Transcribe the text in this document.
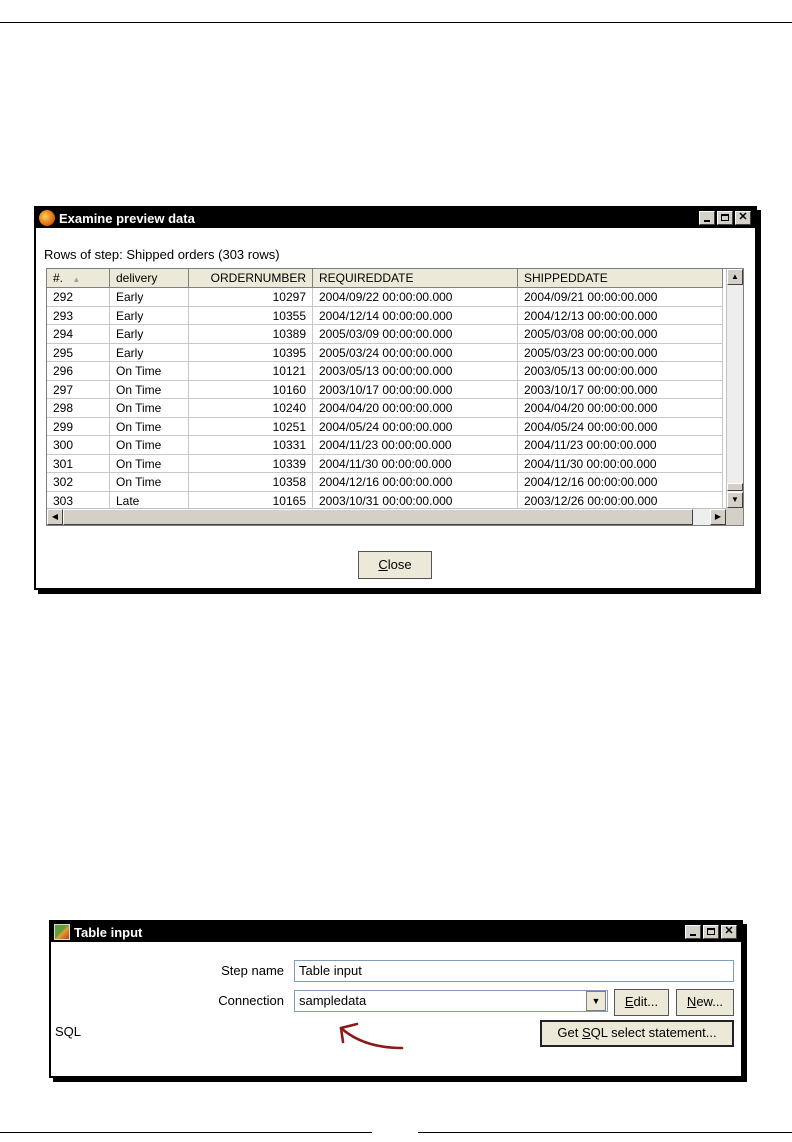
Examine preview data	✕
Rows of step: Shipped orders (303 rows)
#. ▲	delivery	ORDERNUMBER	REQUIREDDATE	SHIPPEDDATE
292	Early	10297	2004/09/22 00:00:00.000	2004/09/21 00:00:00.000
293	Early	10355	2004/12/14 00:00:00.000	2004/12/13 00:00:00.000
294	Early	10389	2005/03/09 00:00:00.000	2005/03/08 00:00:00.000
295	Early	10395	2005/03/24 00:00:00.000	2005/03/23 00:00:00.000
296	On Time	10121	2003/05/13 00:00:00.000	2003/05/13 00:00:00.000
297	On Time	10160	2003/10/17 00:00:00.000	2003/10/17 00:00:00.000
298	On Time	10240	2004/04/20 00:00:00.000	2004/04/20 00:00:00.000
299	On Time	10251	2004/05/24 00:00:00.000	2004/05/24 00:00:00.000
300	On Time	10331	2004/11/23 00:00:00.000	2004/11/23 00:00:00.000
301	On Time	10339	2004/11/30 00:00:00.000	2004/11/30 00:00:00.000
302	On Time	10358	2004/12/16 00:00:00.000	2004/12/16 00:00:00.000
303	Late	10165	2003/10/31 00:00:00.000	2003/12/26 00:00:00.000
▲
▼
◀	▶
Close
Table input	✕
Step name	Table input
Connection	sampledata	▼	Edit...	New...
SQL	Get SQL select statement...
